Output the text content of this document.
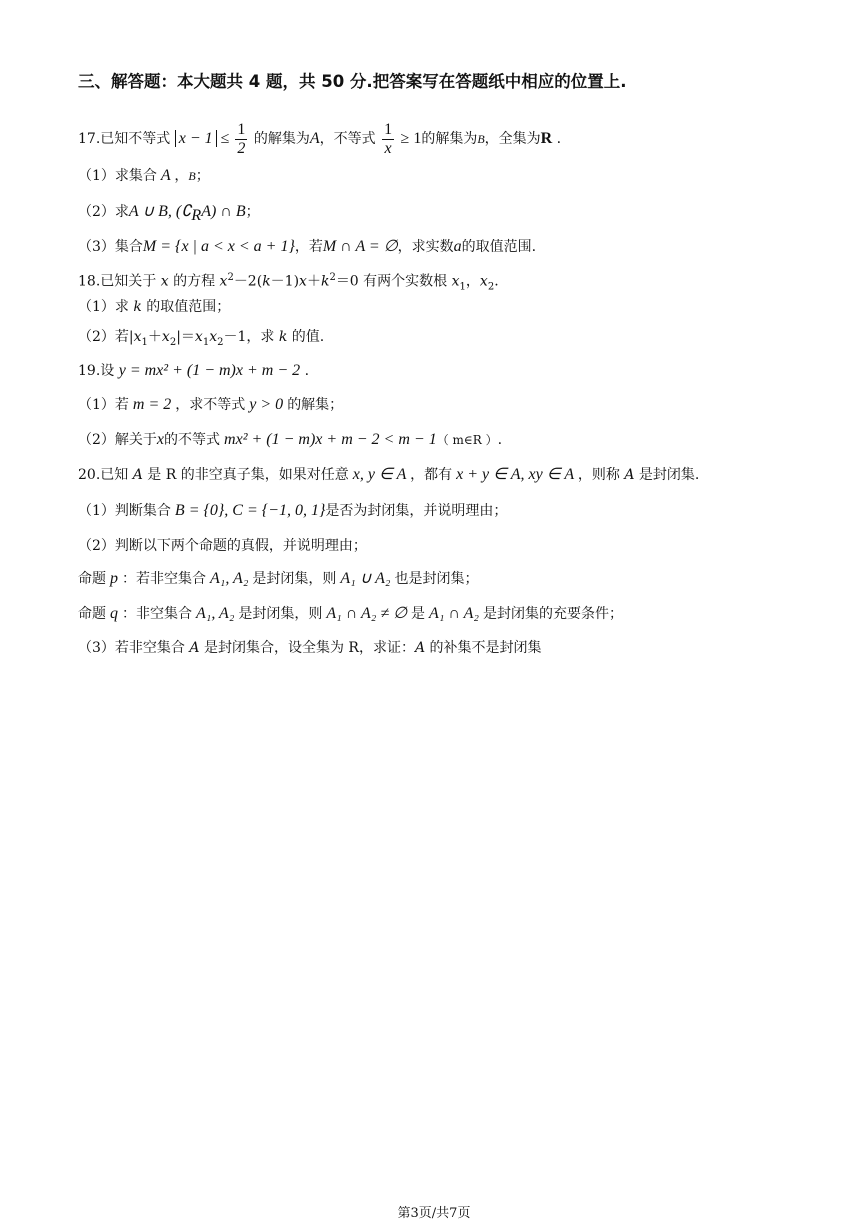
三、解答题：本大题共 4 题，共 50 分.把答案写在答题纸中相应的位置上.
17.已知不等式 $x - 1 \le \frac{1}{2}$ 的解集为A，不等式 $\frac{1}{x} \ge 1$的解集为B，全集为R .
（1）求集合 A ，B；
（2）求A ∪ B, $(∁_RA)$ ∩ B；
（3）集合M = {x | a < x < a + 1}，若M ∩ A = ∅，求实数a的取值范围.
18.已知关于 x 的方程 $x^2-2(k-1)x+k^2=0$ 有两个实数根 $x_1$，$x_2$.
（1）求 k 的取值范围；
（2）若$|x_1+x_2|=x_1x_2-1$，求 k 的值.
19.设 y = mx² + (1 − m)x + m − 2 .
（1）若 m = 2 ，求不等式 y > 0 的解集；
（2）解关于x的不等式 mx² + (1 − m)x + m − 2 < m − 1（ m∈R ）.
20.已知 A 是 R 的非空真子集，如果对任意 x, y ∈ A ，都有 x + y ∈ A, xy ∈ A ，则称 A 是封闭集.
（1）判断集合 B = {0}, C = {−1, 0, 1}是否为封闭集，并说明理由；
（2）判断以下两个命题的真假，并说明理由；
命题 p ：若非空集合 A₁, A₂ 是封闭集，则 A₁ ∪ A₂ 也是封闭集；
命题 q ：非空集合 A₁, A₂ 是封闭集，则 A₁ ∩ A₂ ≠ ∅ 是 A₁ ∩ A₂ 是封闭集的充要条件；
（3）若非空集合 A 是封闭集合，设全集为 R，求证：A 的补集不是封闭集
第3页/共7页
